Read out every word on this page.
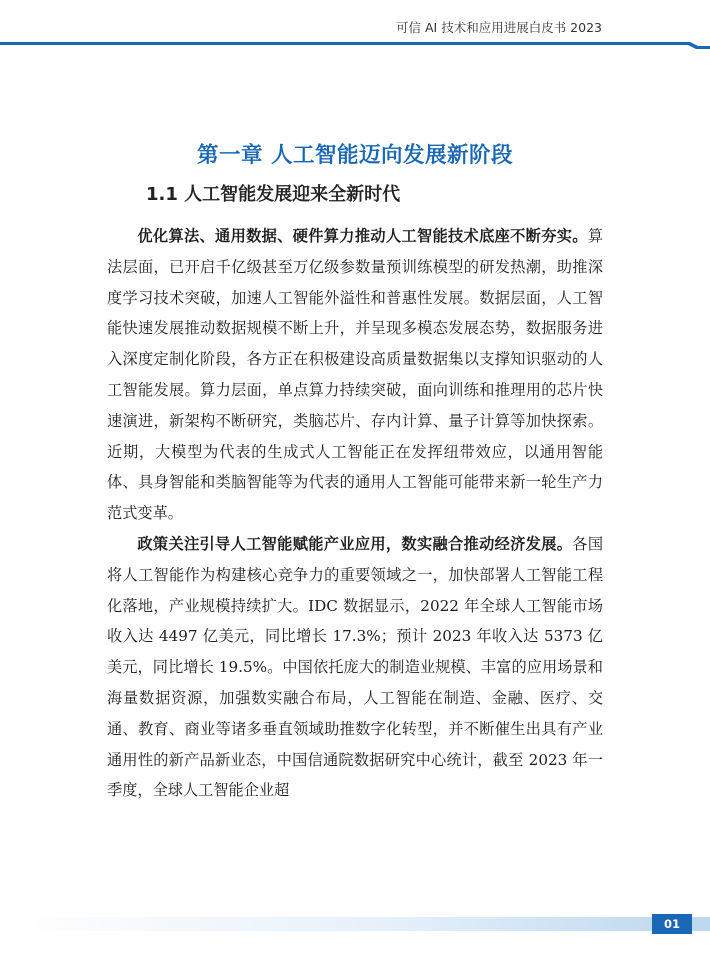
可信 AI 技术和应用进展白皮书 2023
第一章 人工智能迈向发展新阶段
1.1 人工智能发展迎来全新时代

优化算法、通用数据、硬件算力推动人工智能技术底座不断夯实。算法层面，已开启千亿级甚至万亿级参数量预训练模型的研发热潮，助推深度学习技术突破，加速人工智能外溢性和普惠性发展。数据层面，人工智能快速发展推动数据规模不断上升，并呈现多模态发展态势，数据服务进入深度定制化阶段，各方正在积极建设高质量数据集以支撑知识驱动的人工智能发展。算力层面，单点算力持续突破，面向训练和推理用的芯片快速演进，新架构不断研究，类脑芯片、存内计算、量子计算等加快探索。近期，大模型为代表的生成式人工智能正在发挥纽带效应，以通用智能体、具身智能和类脑智能等为代表的通用人工智能可能带来新一轮生产力范式变革。

政策关注引导人工智能赋能产业应用，数实融合推动经济发展。各国将人工智能作为构建核心竞争力的重要领域之一，加快部署人工智能工程化落地，产业规模持续扩大。IDC 数据显示，2022 年全球人工智能市场收入达 4497 亿美元，同比增长 17.3%；预计 2023 年收入达 5373 亿美元，同比增长 19.5%。中国依托庞大的制造业规模、丰富的应用场景和海量数据资源，加强数实融合布局，人工智能在制造、金融、医疗、交通、教育、商业等诸多垂直领域助推数字化转型，并不断催生出具有产业通用性的新产品新业态，中国信通院数据研究中心统计，截至 2023 年一季度，全球人工智能企业超

01
